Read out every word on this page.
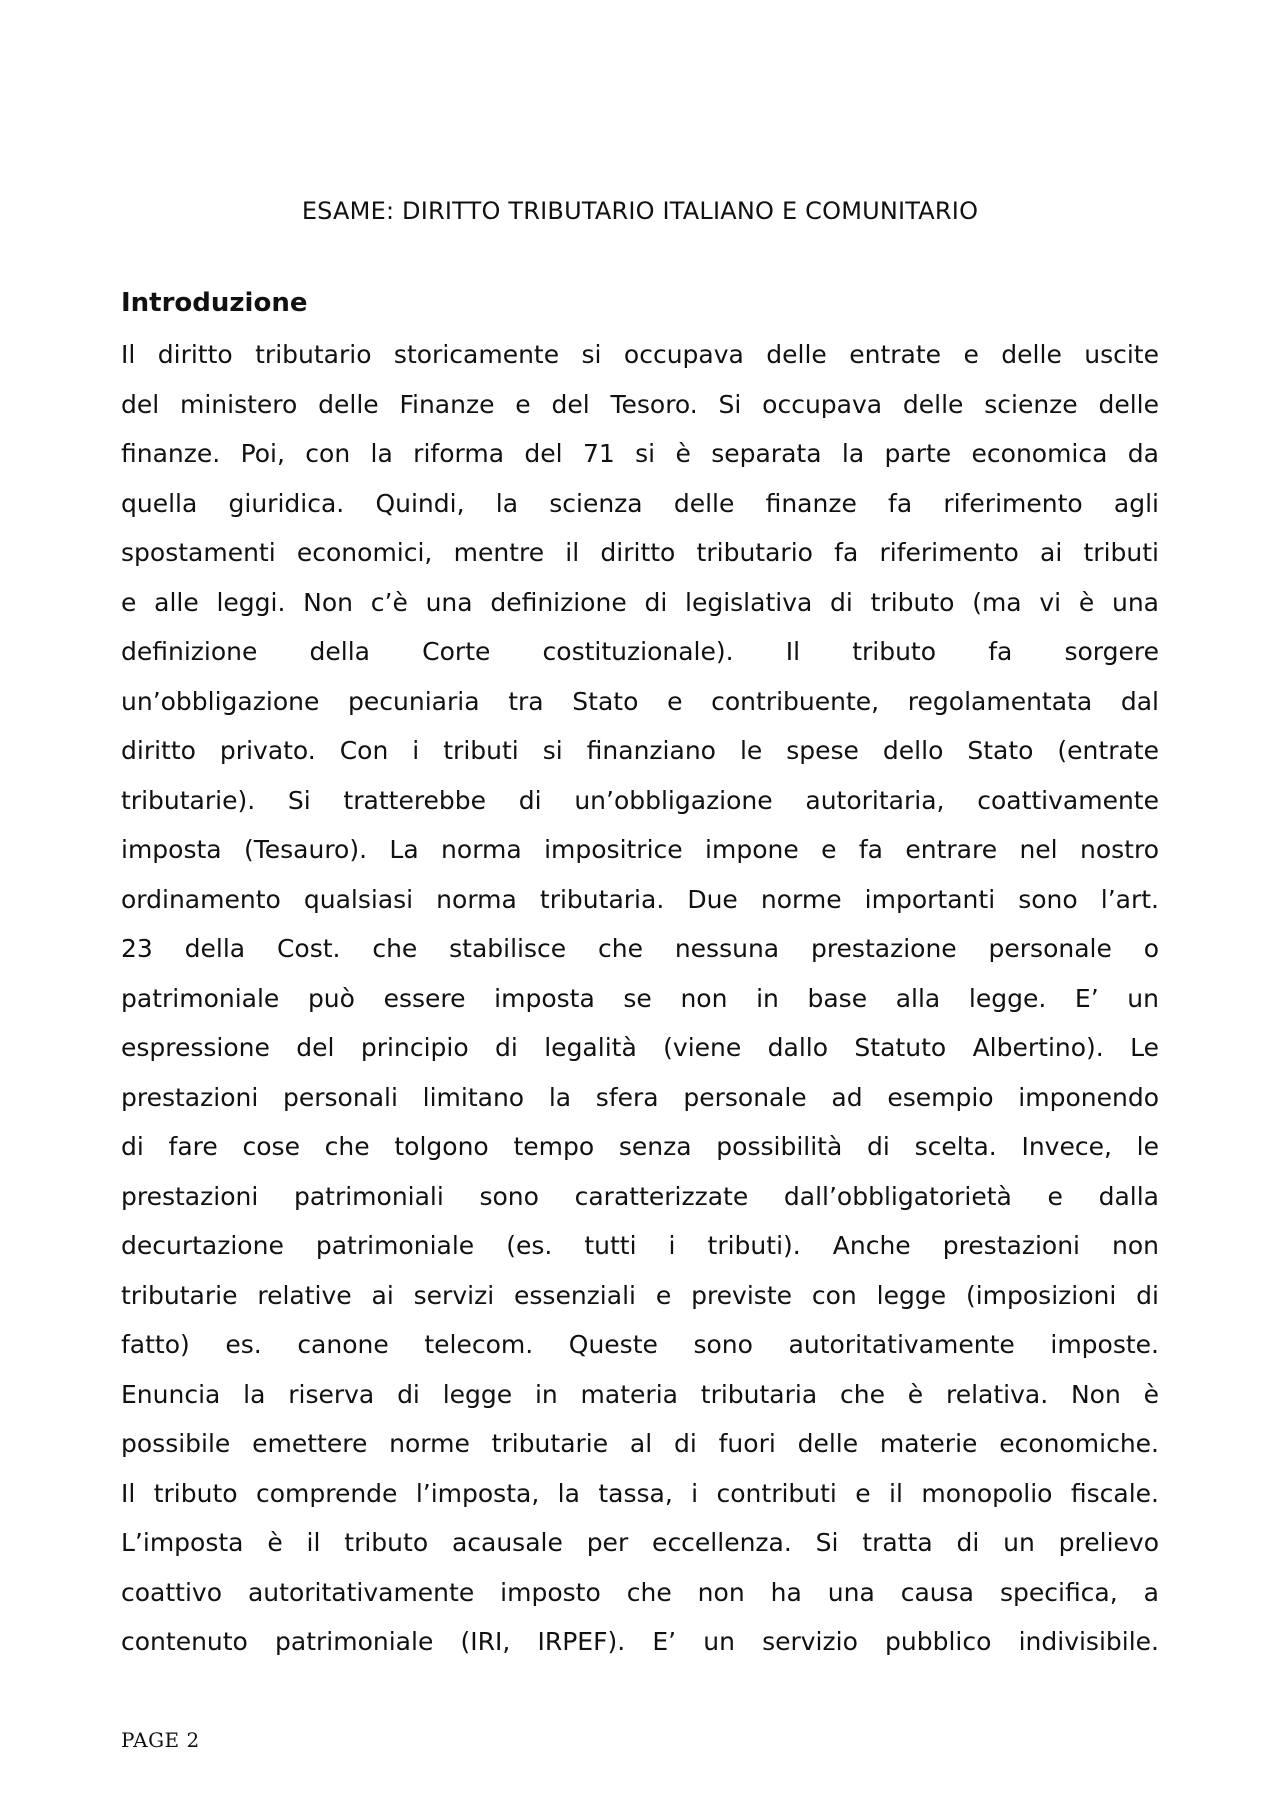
ESAME: DIRITTO TRIBUTARIO ITALIANO E COMUNITARIO
Introduzione
Il diritto tributario storicamente si occupava delle entrate e delle uscite
del ministero delle Finanze e del Tesoro. Si occupava delle scienze delle
finanze. Poi, con la riforma del 71 si è separata la parte economica da
quella giuridica. Quindi, la scienza delle finanze fa riferimento agli
spostamenti economici, mentre il diritto tributario fa riferimento ai tributi
e alle leggi. Non c’è una definizione di legislativa di tributo (ma vi è una
definizione della Corte costituzionale). Il tributo fa sorgere
un’obbligazione pecuniaria tra Stato e contribuente, regolamentata dal
diritto privato. Con i tributi si finanziano le spese dello Stato (entrate
tributarie). Si tratterebbe di un’obbligazione autoritaria, coattivamente
imposta (Tesauro). La norma impositrice impone e fa entrare nel nostro
ordinamento qualsiasi norma tributaria. Due norme importanti sono l’art.
23 della Cost. che stabilisce che nessuna prestazione personale o
patrimoniale può essere imposta se non in base alla legge. E’ un
espressione del principio di legalità (viene dallo Statuto Albertino). Le
prestazioni personali limitano la sfera personale ad esempio imponendo
di fare cose che tolgono tempo senza possibilità di scelta. Invece, le
prestazioni patrimoniali sono caratterizzate dall’obbligatorietà e dalla
decurtazione patrimoniale (es. tutti i tributi). Anche prestazioni non
tributarie relative ai servizi essenziali e previste con legge (imposizioni di
fatto) es. canone telecom. Queste sono autoritativamente imposte.
Enuncia la riserva di legge in materia tributaria che è relativa. Non è
possibile emettere norme tributarie al di fuori delle materie economiche.
Il tributo comprende l’imposta, la tassa, i contributi e il monopolio fiscale.
L’imposta è il tributo acausale per eccellenza. Si tratta di un prelievo
coattivo autoritativamente imposto che non ha una causa specifica, a
contenuto patrimoniale (IRI, IRPEF). E’ un servizio pubblico indivisibile.
PAGE 2
